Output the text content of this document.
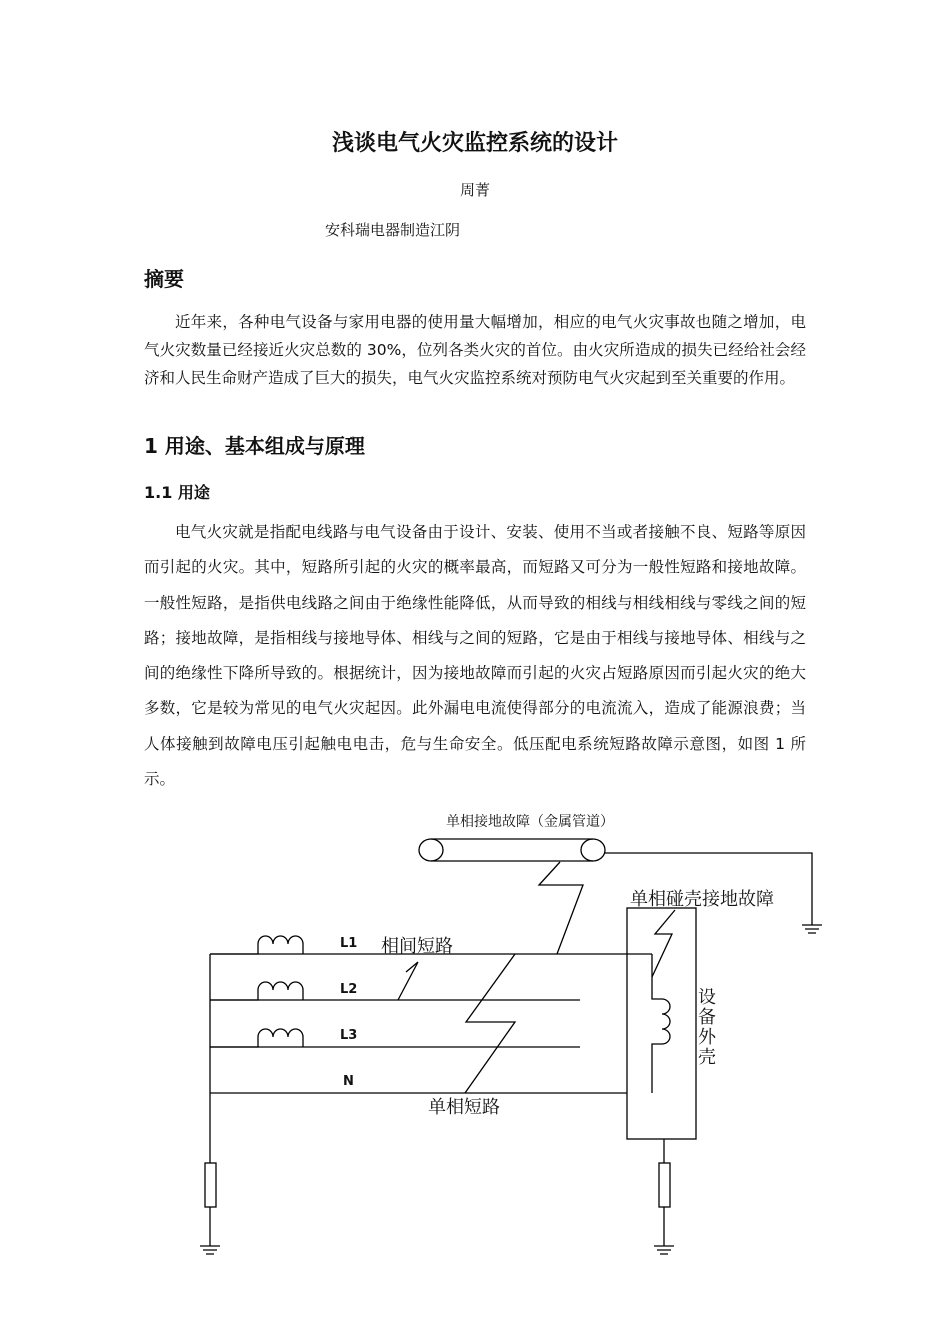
浅谈电气火灾监控系统的设计
周菁
安科瑞电器制造江阴
摘要

近年来，各种电气设备与家用电器的使用量大幅增加，相应的电气火灾事故也随之增加，电气火灾数量已经接近火灾总数的 30%，位列各类火灾的首位。由火灾所造成的损失已经给社会经济和人民生命财产造成了巨大的损失，电气火灾监控系统对预防电气火灾起到至关重要的作用。

1 用途、基本组成与原理
1.1 用途

电气火灾就是指配电线路与电气设备由于设计、安装、使用不当或者接触不良、短路等原因而引起的火灾。其中，短路所引起的火灾的概率最高，而短路又可分为一般性短路和接地故障。一般性短路，是指供电线路之间由于绝缘性能降低，从而导致的相线与相线相线与零线之间的短路；接地故障，是指相线与接地导体、相线与之间的短路，它是由于相线与接地导体、相线与之间的绝缘性下降所导致的。根据统计，因为接地故障而引起的火灾占短路原因而引起火灾的绝大多数，它是较为常见的电气火灾起因。此外漏电电流使得部分的电流流入，造成了能源浪费；当人体接触到故障电压引起触电电击，危与生命安全。低压配电系统短路故障示意图，如图 1 所示。

单相接地故障（金属管道）
单相碰壳接地故障
相间短路
单相短路
设
备
外
壳
L1
L2
L3
N
